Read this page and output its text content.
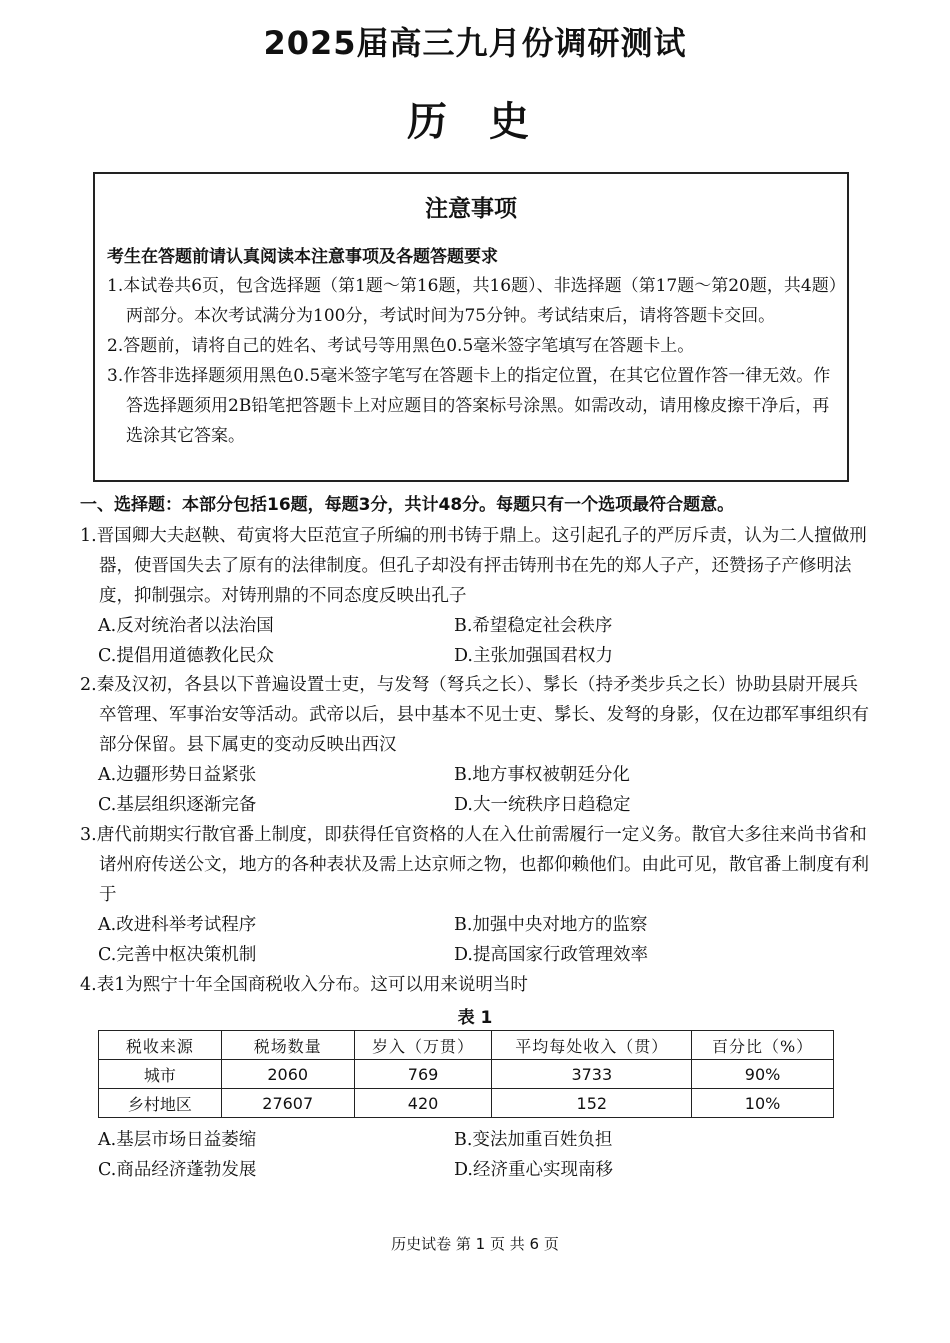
2025届高三九月份调研测试
历 史
注意事项
考生在答题前请认真阅读本注意事项及各题答题要求
1.本试卷共6页，包含选择题（第1题～第16题，共16题）、非选择题（第17题～第20题，共4题）两部分。本次考试满分为100分，考试时间为75分钟。考试结束后，请将答题卡交回。
2.答题前，请将自己的姓名、考试号等用黑色0.5毫米签字笔填写在答题卡上。
3.作答非选择题须用黑色0.5毫米签字笔写在答题卡上的指定位置，在其它位置作答一律无效。作答选择题须用2B铅笔把答题卡上对应题目的答案标号涂黑。如需改动，请用橡皮擦干净后，再选涂其它答案。
一、选择题：本部分包括16题，每题3分，共计48分。每题只有一个选项最符合题意。
1.晋国卿大夫赵鞅、荀寅将大臣范宣子所编的刑书铸于鼎上。这引起孔子的严厉斥责，认为二人擅做刑器，使晋国失去了原有的法律制度。但孔子却没有抨击铸刑书在先的郑人子产，还赞扬子产修明法度，抑制强宗。对铸刑鼎的不同态度反映出孔子
A.反对统治者以法治国	B.希望稳定社会秩序
C.提倡用道德教化民众	D.主张加强国君权力
2.秦及汉初，各县以下普遍设置士吏，与发弩（弩兵之长）、髳长（持矛类步兵之长）协助县尉开展兵卒管理、军事治安等活动。武帝以后，县中基本不见士吏、髳长、发弩的身影，仅在边郡军事组织有部分保留。县下属吏的变动反映出西汉
A.边疆形势日益紧张	B.地方事权被朝廷分化
C.基层组织逐渐完备	D.大一统秩序日趋稳定
3.唐代前期实行散官番上制度，即获得任官资格的人在入仕前需履行一定义务。散官大多往来尚书省和诸州府传送公文，地方的各种表状及需上达京师之物，也都仰赖他们。由此可见，散官番上制度有利于
A.改进科举考试程序	B.加强中央对地方的监察
C.完善中枢决策机制	D.提高国家行政管理效率
4.表1为熙宁十年全国商税收入分布。这可以用来说明当时
表 1
税收来源	税场数量	岁入（万贯）	平均每处收入（贯）	百分比（%）
城市	2060	769	3733	90%
乡村地区	27607	420	152	10%
A.基层市场日益萎缩	B.变法加重百姓负担
C.商品经济蓬勃发展	D.经济重心实现南移
历史试卷 第 1 页 共 6 页
